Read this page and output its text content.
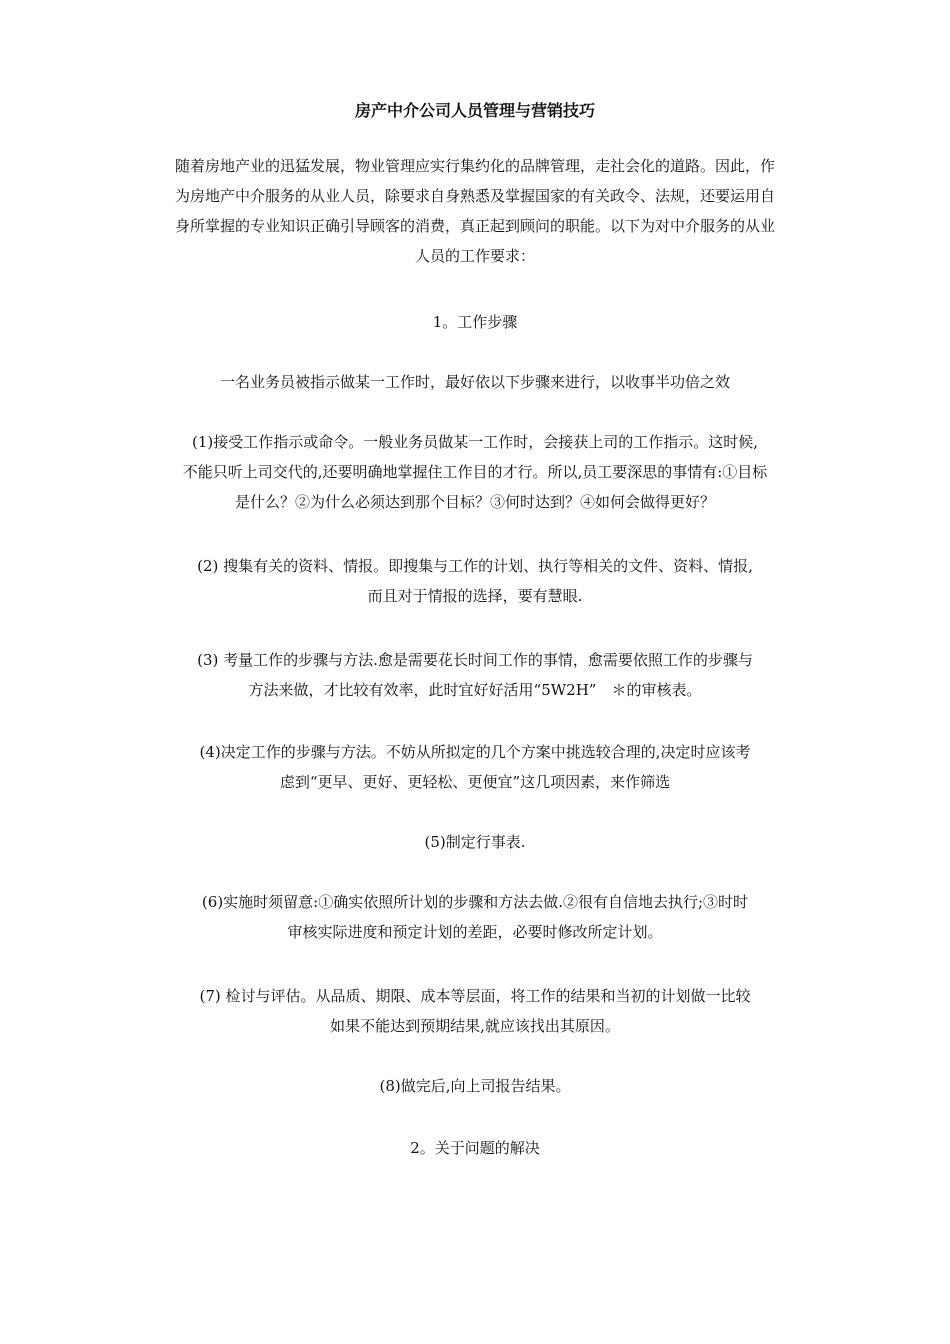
房产中介公司人员管理与营销技巧
随着房地产业的迅猛发展，物业管理应实行集约化的品牌管理，走社会化的道路。因此，作
为房地产中介服务的从业人员，除要求自身熟悉及掌握国家的有关政令、法规，还要运用自
身所掌握的专业知识正确引导顾客的消费，真正起到顾问的职能。以下为对中介服务的从业
人员的工作要求：
1。工作步骤
一名业务员被指示做某一工作时，最好依以下步骤来进行，以收事半功倍之效
(1)接受工作指示或命令。一般业务员做某一工作时，会接获上司的工作指示。这时候,
不能只听上司交代的,还要明确地掌握住工作目的才行。所以,员工要深思的事情有:①目标
是什么？②为什么必须达到那个目标？③何时达到？④如何会做得更好？
(2) 搜集有关的资料、情报。即搜集与工作的计划、执行等相关的文件、资料、情报,
而且对于情报的选择，要有慧眼.
(3) 考量工作的步骤与方法.愈是需要花长时间工作的事情，愈需要依照工作的步骤与
方法来做，才比较有效率，此时宜好好活用“5W2H”　＊的审核表。
(4)决定工作的步骤与方法。不妨从所拟定的几个方案中挑选较合理的,决定时应该考
虑到“更早、更好、更轻松、更便宜”这几项因素，来作筛选
(5)制定行事表.
(6)实施时须留意:①确实依照所计划的步骤和方法去做.②很有自信地去执行;③时时
审核实际进度和预定计划的差距，必要时修改所定计划。
(7) 检讨与评估。从品质、期限、成本等层面，将工作的结果和当初的计划做一比较
如果不能达到预期结果,就应该找出其原因。
(8)做完后,向上司报告结果。
2。关于问题的解决
